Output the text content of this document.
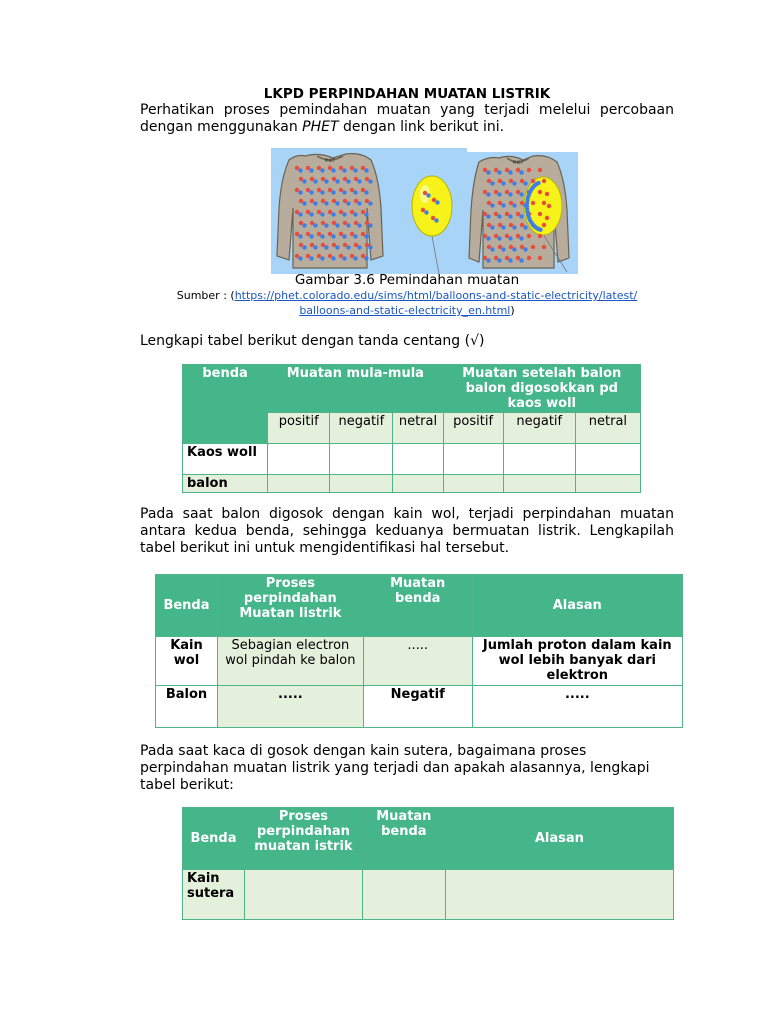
LKPD PERPINDAHAN MUATAN LISTRIK
Perhatikan proses pemindahan muatan yang terjadi melelui percobaan dengan menggunakan PHET dengan link berikut ini.
PHET	PHET
Gambar 3.6 Pemindahan muatan
Sumber : (https://phet.colorado.edu/sims/html/balloons-and-static-electricity/latest/
balloons-and-static-electricity_en.html)
Lengkapi tabel berikut dengan tanda centang (√)
benda	Muatan mula-mula			Muatan setelah balon balon digosokkan pd kaos woll		
	positif	negatif	netral	positif	negatif	netral
Kaos woll						
balon						
Pada saat balon digosok dengan kain wol, terjadi perpindahan muatan antara kedua benda, sehingga keduanya bermuatan listrik. Lengkapilah tabel berikut ini untuk mengidentifikasi hal tersebut.
Benda	Proses perpindahan Muatan listrik	Muatan benda	Alasan
Kain wol	Sebagian electron wol pindah ke balon	.....	Jumlah proton dalam kain wol lebih banyak dari elektron
Balon	.....	Negatif	.....
Pada saat kaca di gosok dengan kain sutera, bagaimana proses perpindahan muatan listrik yang terjadi dan apakah alasannya, lengkapi tabel berikut:
Benda	Proses perpindahan muatan istrik	Muatan benda	Alasan
Kain sutera			
